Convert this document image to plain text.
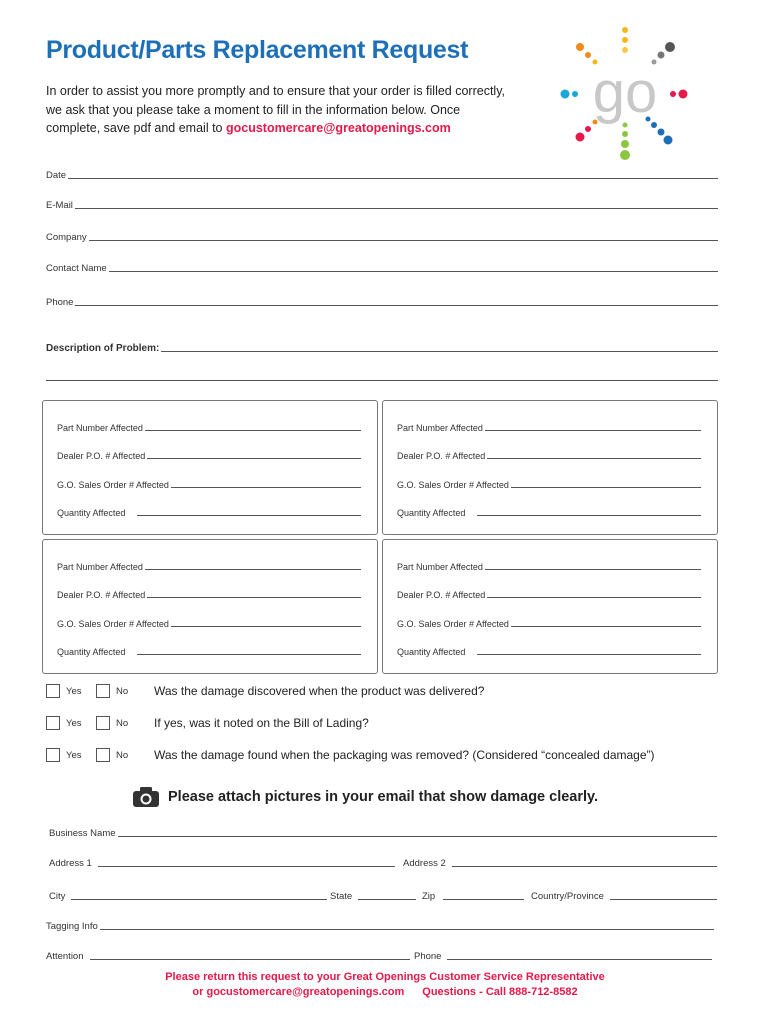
Product/Parts Replacement Request
In order to assist you more promptly and to ensure that your order is filled correctly,
we ask that you please take a moment to fill in the information below. Once
complete, save pdf and email to gocustomercare@greatopenings.com
go
Date
E-Mail
Company
Contact Name
Phone
Description of Problem:
Part Number Affected
Dealer P.O. # Affected
G.O. Sales Order # Affected
Quantity Affected
Part Number Affected
Dealer P.O. # Affected
G.O. Sales Order # Affected
Quantity Affected
Part Number Affected
Dealer P.O. # Affected
G.O. Sales Order # Affected
Quantity Affected
Part Number Affected
Dealer P.O. # Affected
G.O. Sales Order # Affected
Quantity Affected
Yes	No Was the damage discovered when the product was delivered?
Yes	No If yes, was it noted on the Bill of Lading?
Yes	No Was the damage found when the packaging was removed? (Considered “concealed damage”)
Please attach pictures in your email that show damage clearly.
Business Name
Address 1	Address 2
City	State	Zip	Country/Province
Tagging Info
Attention	Phone
Please return this request to your Great Openings Customer Service Representative
or gocustomercare@greatopenings.com Questions - Call 888-712-8582
